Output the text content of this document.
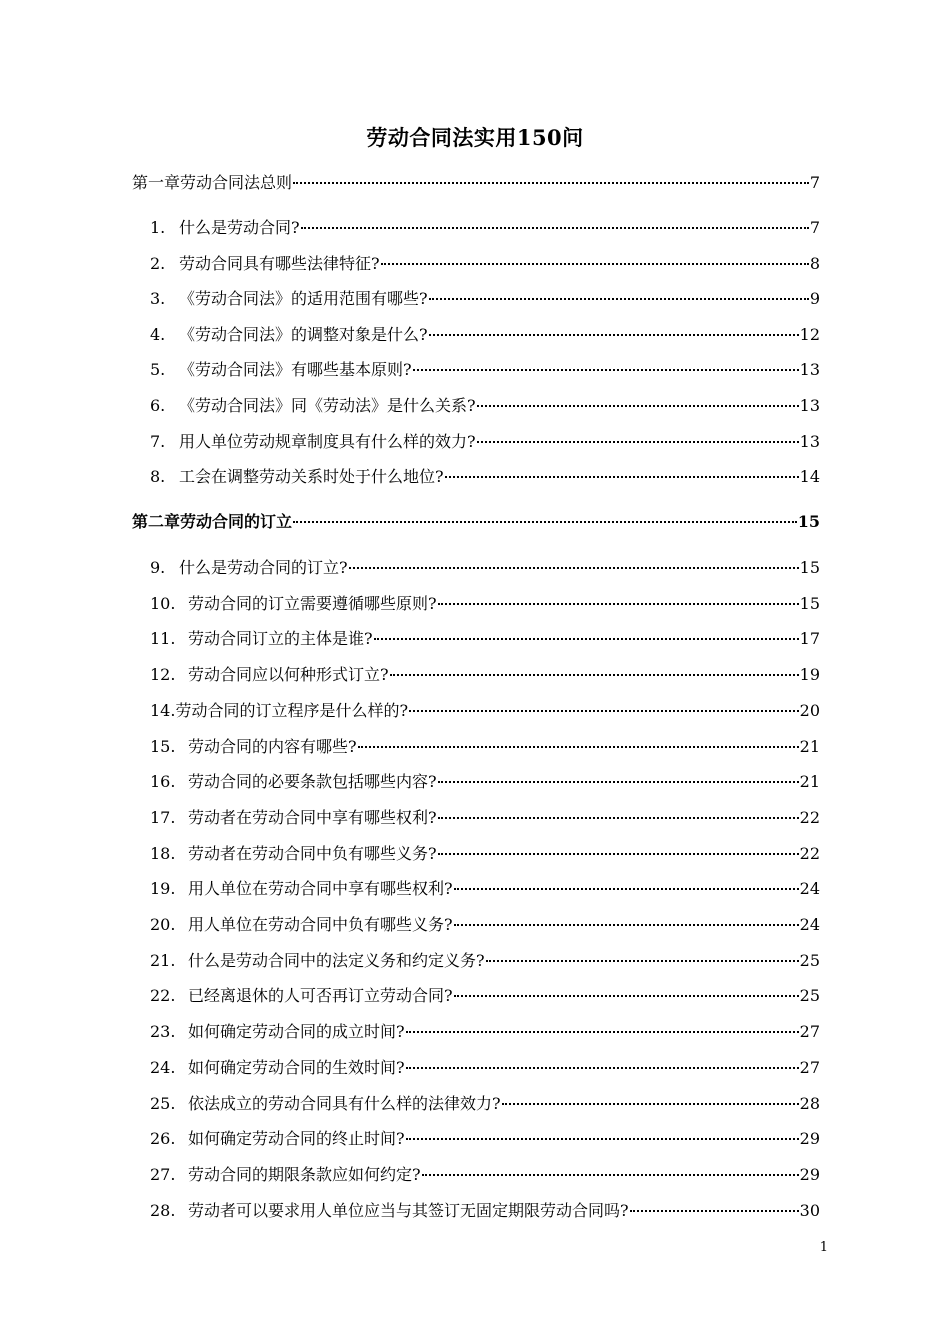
劳动合同法实用150问
第一章劳动合同法总则	7
1. 什么是劳动合同?	7
2. 劳动合同具有哪些法律特征?	8
3. 《劳动合同法》的适用范围有哪些?	9
4. 《劳动合同法》的调整对象是什么?	12
5. 《劳动合同法》有哪些基本原则?	13
6. 《劳动合同法》同《劳动法》是什么关系?	13
7. 用人单位劳动规章制度具有什么样的效力?	13
8. 工会在调整劳动关系时处于什么地位?	14
第二章劳动合同的订立	15
9. 什么是劳动合同的订立?	15
10. 劳动合同的订立需要遵循哪些原则?	15
11. 劳动合同订立的主体是谁?	17
12. 劳动合同应以何种形式订立?	19
14. 劳动合同的订立程序是什么样的?	20
15. 劳动合同的内容有哪些?	21
16. 劳动合同的必要条款包括哪些内容?	21
17. 劳动者在劳动合同中享有哪些权利?	22
18. 劳动者在劳动合同中负有哪些义务?	22
19. 用人单位在劳动合同中享有哪些权利?	24
20. 用人单位在劳动合同中负有哪些义务?	24
21. 什么是劳动合同中的法定义务和约定义务?	25
22. 已经离退休的人可否再订立劳动合同?	25
23. 如何确定劳动合同的成立时间?	27
24. 如何确定劳动合同的生效时间?	27
25. 依法成立的劳动合同具有什么样的法律效力?	28
26. 如何确定劳动合同的终止时间?	29
27. 劳动合同的期限条款应如何约定?	29
28. 劳动者可以要求用人单位应当与其签订无固定期限劳动合同吗?	30
1
